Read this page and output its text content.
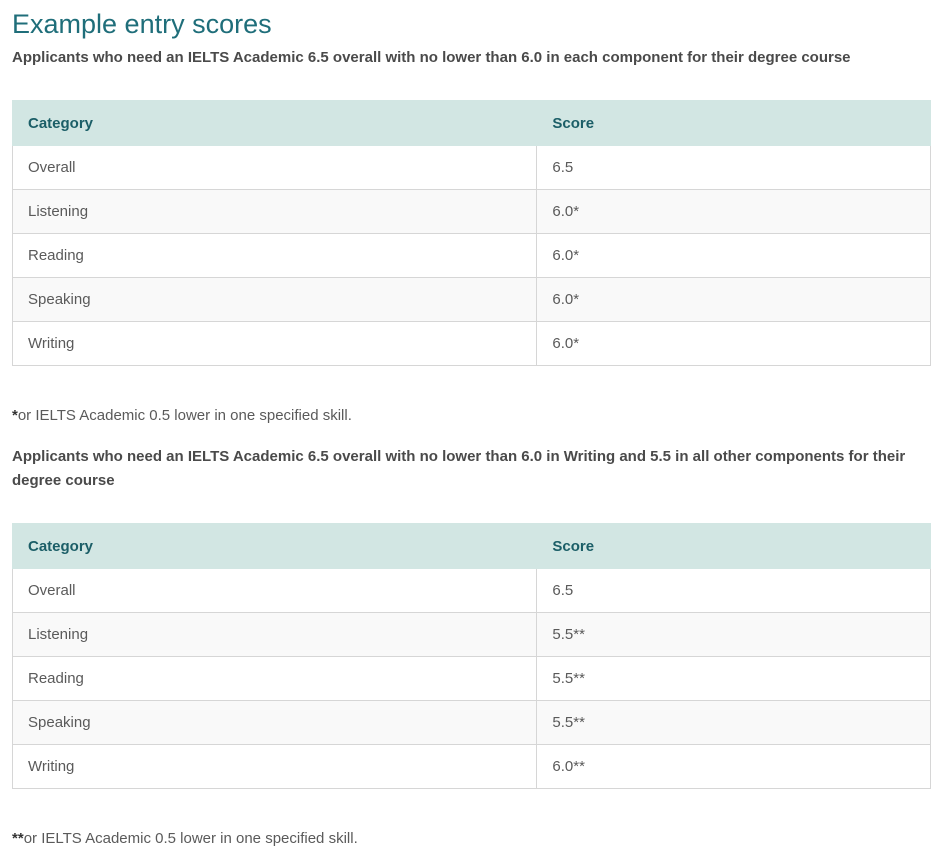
Example entry scores

Applicants who need an IELTS Academic 6.5 overall with no lower than 6.0 in each component for their degree course

Category	Score
Overall	6.5
Listening	6.0*
Reading	6.0*
Speaking	6.0*
Writing	6.0*

*or IELTS Academic 0.5 lower in one specified skill.

Applicants who need an IELTS Academic 6.5 overall with no lower than 6.0 in Writing and 5.5 in all other components for their degree course

Category	Score
Overall	6.5
Listening	5.5**
Reading	5.5**
Speaking	5.5**
Writing	6.0**

**or IELTS Academic 0.5 lower in one specified skill.
